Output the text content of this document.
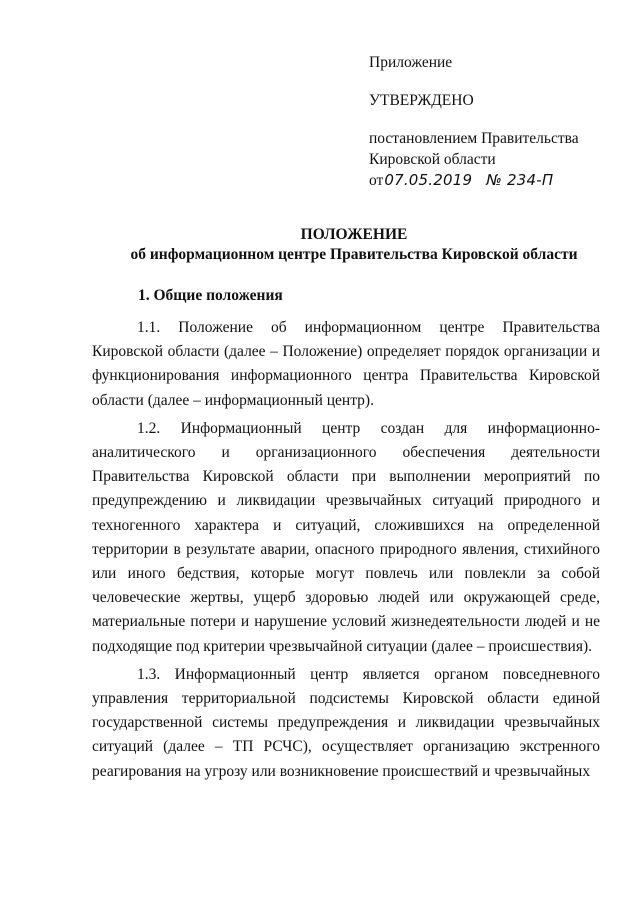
Приложение
УТВЕРЖДЕНО
постановлением Правительства
Кировской области
от07.05.2019 № 234-П
ПОЛОЖЕНИЕ
об информационном центре Правительства Кировской области
1. Общие положения

1.1. Положение об информационном центре Правительства Кировской области (далее – Положение) определяет порядок организации и функционирования информационного центра Правительства Кировской области (далее – информационный центр).

1.2. Информационный центр создан для информационно-аналитического и организационного обеспечения деятельности Правительства Кировской области при выполнении мероприятий по предупреждению и ликвидации чрезвычайных ситуаций природного и техногенного характера и ситуаций, сложившихся на определенной территории в результате аварии, опасного природного явления, стихийного или иного бедствия, которые могут повлечь или повлекли за собой человеческие жертвы, ущерб здоровью людей или окружающей среде, материальные потери и нарушение условий жизнедеятельности людей и не подходящие под критерии чрезвычайной ситуации (далее – происшествия).

1.3. Информационный центр является органом повседневного управления территориальной подсистемы Кировской области единой государственной системы предупреждения и ликвидации чрезвычайных ситуаций (далее – ТП РСЧС), осуществляет организацию экстренного реагирования на угрозу или возникновение происшествий и чрезвычайных
